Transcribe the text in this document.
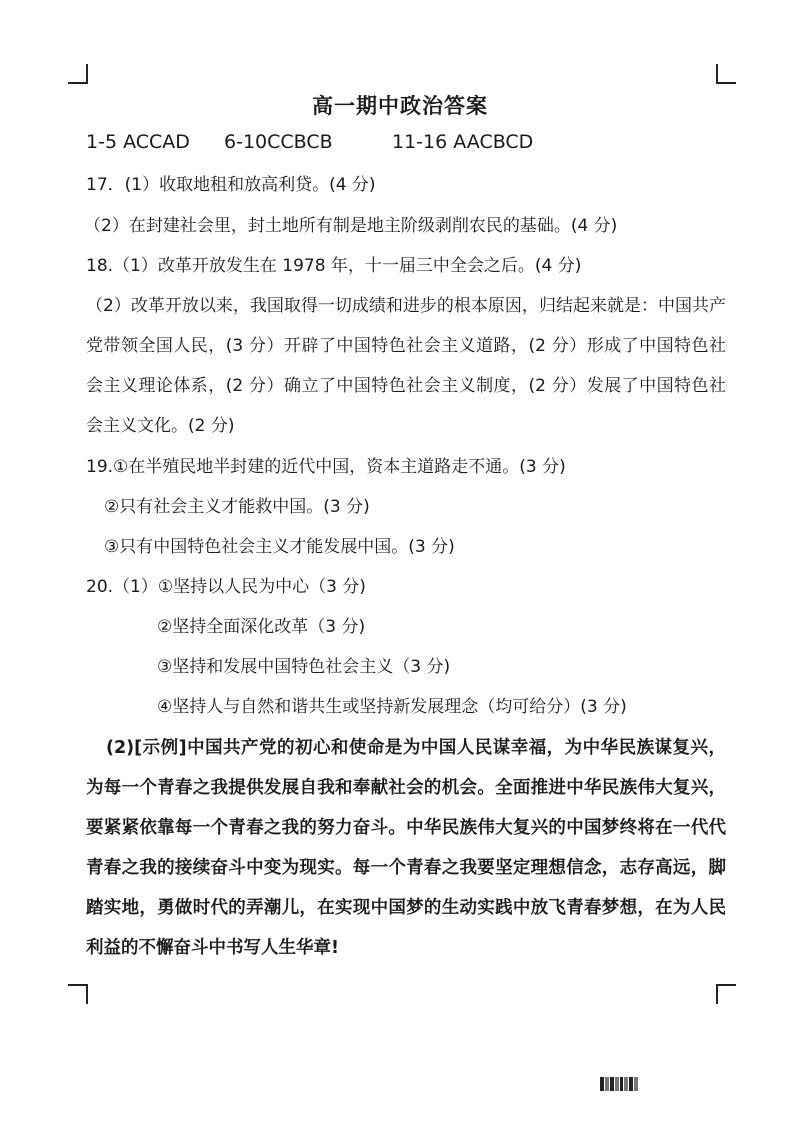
高一期中政治答案
1-5 ACCAD 6-10CCBCB	11-16 AACBCD
17．(1）收取地租和放高利贷。(4 分)
（2）在封建社会里，封土地所有制是地主阶级剥削农民的基础。(4 分)
18.（1）改革开放发生在 1978 年，十一届三中全会之后。(4 分)
（2）改革开放以来，我国取得一切成绩和进步的根本原因，归结起来就是：中国共产党带领全国人民，(3 分）开辟了中国特色社会主义道路，(2 分）形成了中国特色社会主义理论体系，(2 分）确立了中国特色社会主义制度，(2 分）发展了中国特色社会主义文化。(2 分)
19.①在半殖民地半封建的近代中国，资本主道路走不通。(3 分)
②只有社会主义才能救中国。(3 分)
③只有中国特色社会主义才能发展中国。(3 分)
20.（1）①坚持以人民为中心（3 分)
②坚持全面深化改革（3 分)
③坚持和发展中国特色社会主义（3 分)
④坚持人与自然和谐共生或坚持新发展理念（均可给分）(3 分)
(2)[示例]中国共产党的初心和使命是为中国人民谋幸福，为中华民族谋复兴，为每一个青春之我提供发展自我和奉献社会的机会。全面推进中华民族伟大复兴，要紧紧依靠每一个青春之我的努力奋斗。中华民族伟大复兴的中国梦终将在一代代青春之我的接续奋斗中变为现实。每一个青春之我要坚定理想信念，志存高远，脚踏实地，勇做时代的弄潮儿，在实现中国梦的生动实践中放飞青春梦想，在为人民利益的不懈奋斗中书写人生华章!
